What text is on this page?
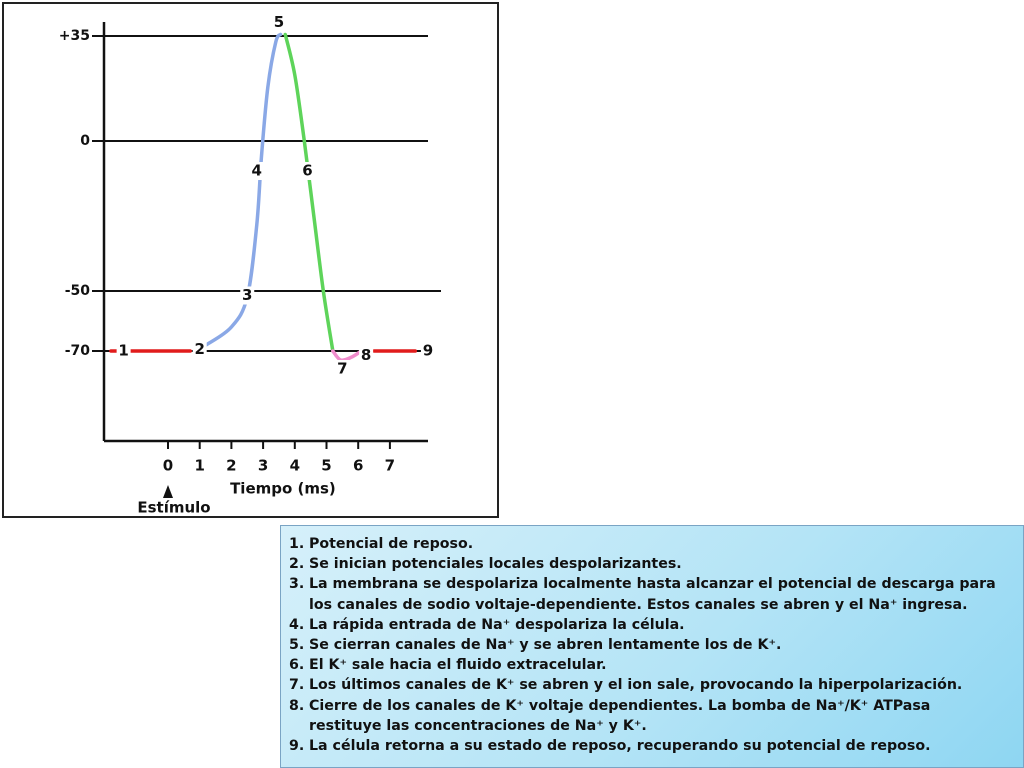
+35
0
-50
-70
0 1 2 3 4 5 6 7
Tiempo (ms)
Estímulo
1	2
3
4
5
6
7
8	9
1. Potencial de reposo.
2. Se inician potenciales locales despolarizantes.
3. La membrana se despolariza localmente hasta alcanzar el potencial de descarga para
los canales de sodio voltaje-dependiente. Estos canales se abren y el Na⁺ ingresa.
4. La rápida entrada de Na⁺ despolariza la célula.
5. Se cierran canales de Na⁺ y se abren lentamente los de K⁺.
6. El K⁺ sale hacia el fluido extracelular.
7. Los últimos canales de K⁺ se abren y el ion sale, provocando la hiperpolarización.
8. Cierre de los canales de K⁺ voltaje dependientes. La bomba de Na⁺/K⁺ ATPasa
restituye las concentraciones de Na⁺ y K⁺.
9. La célula retorna a su estado de reposo, recuperando su potencial de reposo.
